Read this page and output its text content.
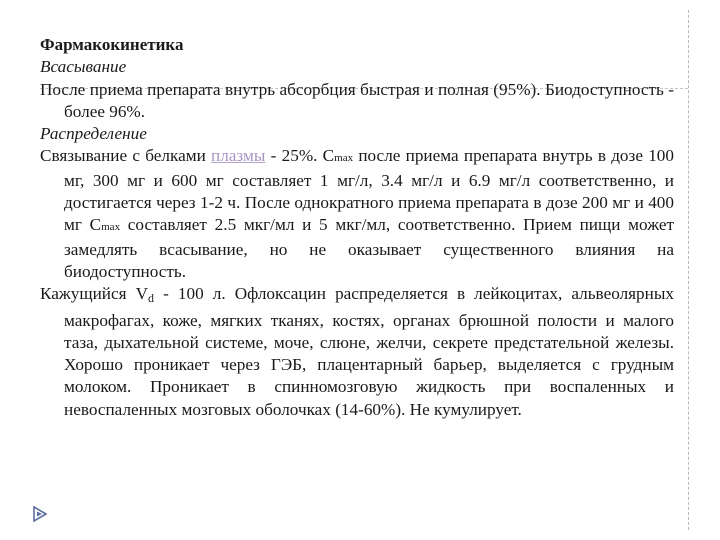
Фармакокинетика
Всасывание
После приема препарата внутрь абсорбция быстрая и полная (95%). Биодоступность - более 96%.
Распределение
Связывание с белками плазмы - 25%. Cmax после приема препарата внутрь в дозе 100 мг, 300 мг и 600 мг составляет 1 мг/л, 3.4 мг/л и 6.9 мг/л соответственно, и достигается через 1-2 ч. После однократного приема препарата в дозе 200 мг и 400 мг Cmax составляет 2.5 мкг/мл и 5 мкг/мл, соответственно. Прием пищи может замедлять всасывание, но не оказывает существенного влияния на биодоступность.
Кажущийся Vd - 100 л. Офлоксацин распределяется в лейкоцитах, альвеолярных макрофагах, коже, мягких тканях, костях, органах брюшной полости и малого таза, дыхательной системе, моче, слюне, желчи, секрете предстательной железы. Хорошо проникает через ГЭБ, плацентарный барьер, выделяется с грудным молоком. Проникает в спинномозговую жидкость при воспаленных и невоспаленных мозговых оболочках (14-60%). Не кумулирует.
